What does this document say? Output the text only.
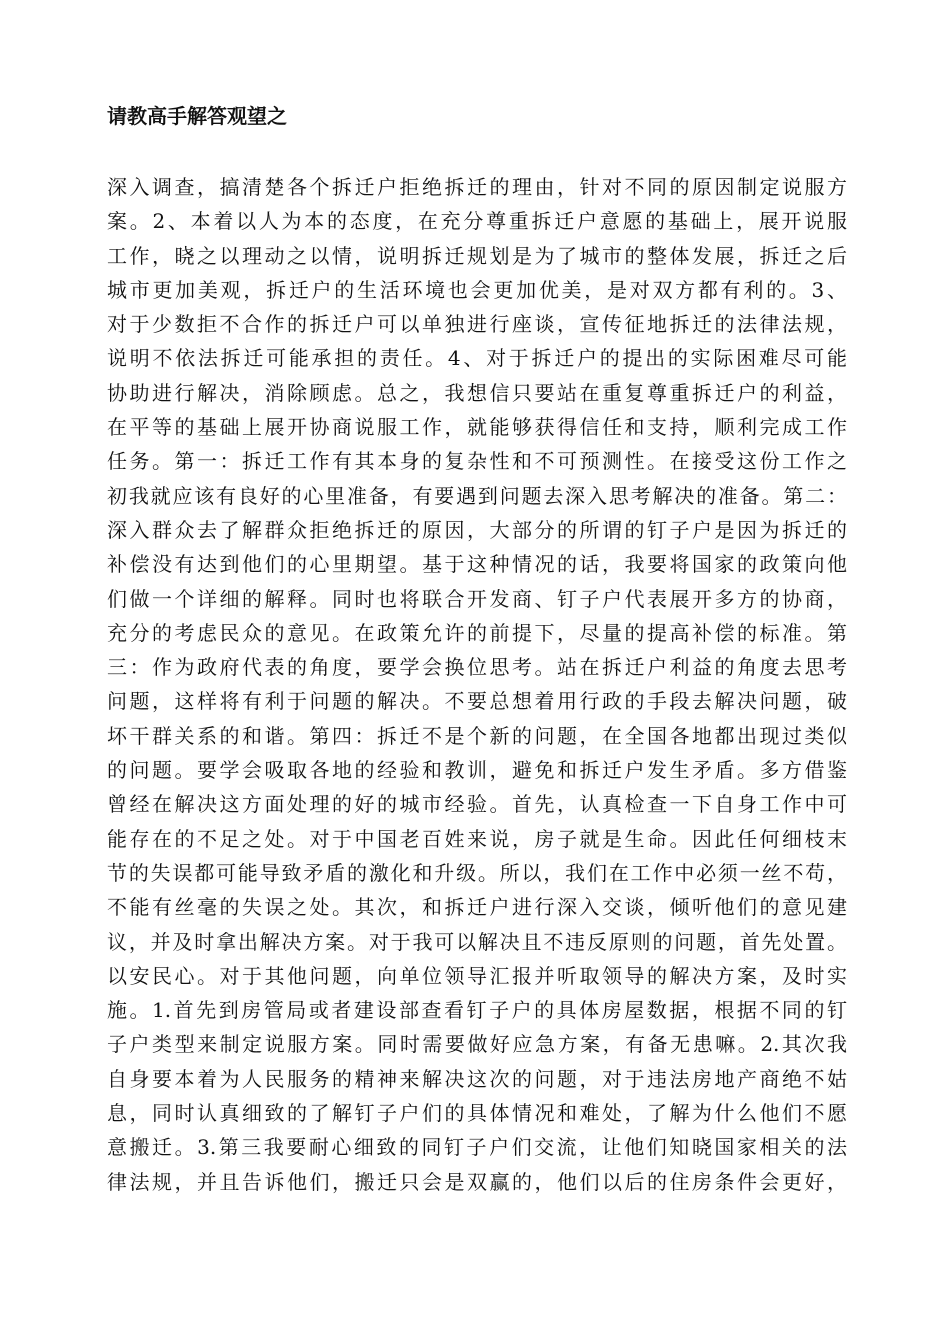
请教高手解答观望之
深入调查，搞清楚各个拆迁户拒绝拆迁的理由，针对不同的原因制定说服方
案。2、本着以人为本的态度，在充分尊重拆迁户意愿的基础上，展开说服
工作，晓之以理动之以情，说明拆迁规划是为了城市的整体发展，拆迁之后
城市更加美观，拆迁户的生活环境也会更加优美，是对双方都有利的。3、
对于少数拒不合作的拆迁户可以单独进行座谈，宣传征地拆迁的法律法规，
说明不依法拆迁可能承担的责任。4、对于拆迁户的提出的实际困难尽可能
协助进行解决，消除顾虑。总之，我想信只要站在重复尊重拆迁户的利益，
在平等的基础上展开协商说服工作，就能够获得信任和支持，顺利完成工作
任务。第一：拆迁工作有其本身的复杂性和不可预测性。在接受这份工作之
初我就应该有良好的心里准备，有要遇到问题去深入思考解决的准备。第二：
深入群众去了解群众拒绝拆迁的原因，大部分的所谓的钉子户是因为拆迁的
补偿没有达到他们的心里期望。基于这种情况的话，我要将国家的政策向他
们做一个详细的解释。同时也将联合开发商、钉子户代表展开多方的协商，
充分的考虑民众的意见。在政策允许的前提下，尽量的提高补偿的标准。第
三：作为政府代表的角度，要学会换位思考。站在拆迁户利益的角度去思考
问题，这样将有利于问题的解决。不要总想着用行政的手段去解决问题，破
坏干群关系的和谐。第四：拆迁不是个新的问题，在全国各地都出现过类似
的问题。要学会吸取各地的经验和教训，避免和拆迁户发生矛盾。多方借鉴
曾经在解决这方面处理的好的城市经验。首先，认真检查一下自身工作中可
能存在的不足之处。对于中国老百姓来说，房子就是生命。因此任何细枝末
节的失误都可能导致矛盾的激化和升级。所以，我们在工作中必须一丝不苟，
不能有丝毫的失误之处。其次，和拆迁户进行深入交谈，倾听他们的意见建
议，并及时拿出解决方案。对于我可以解决且不违反原则的问题，首先处置。
以安民心。对于其他问题，向单位领导汇报并听取领导的解决方案，及时实
施。1.首先到房管局或者建设部查看钉子户的具体房屋数据，根据不同的钉
子户类型来制定说服方案。同时需要做好应急方案，有备无患嘛。2.其次我
自身要本着为人民服务的精神来解决这次的问题，对于违法房地产商绝不姑
息，同时认真细致的了解钉子户们的具体情况和难处，了解为什么他们不愿
意搬迁。3.第三我要耐心细致的同钉子户们交流，让他们知晓国家相关的法
律法规，并且告诉他们，搬迁只会是双赢的，他们以后的住房条件会更好，
